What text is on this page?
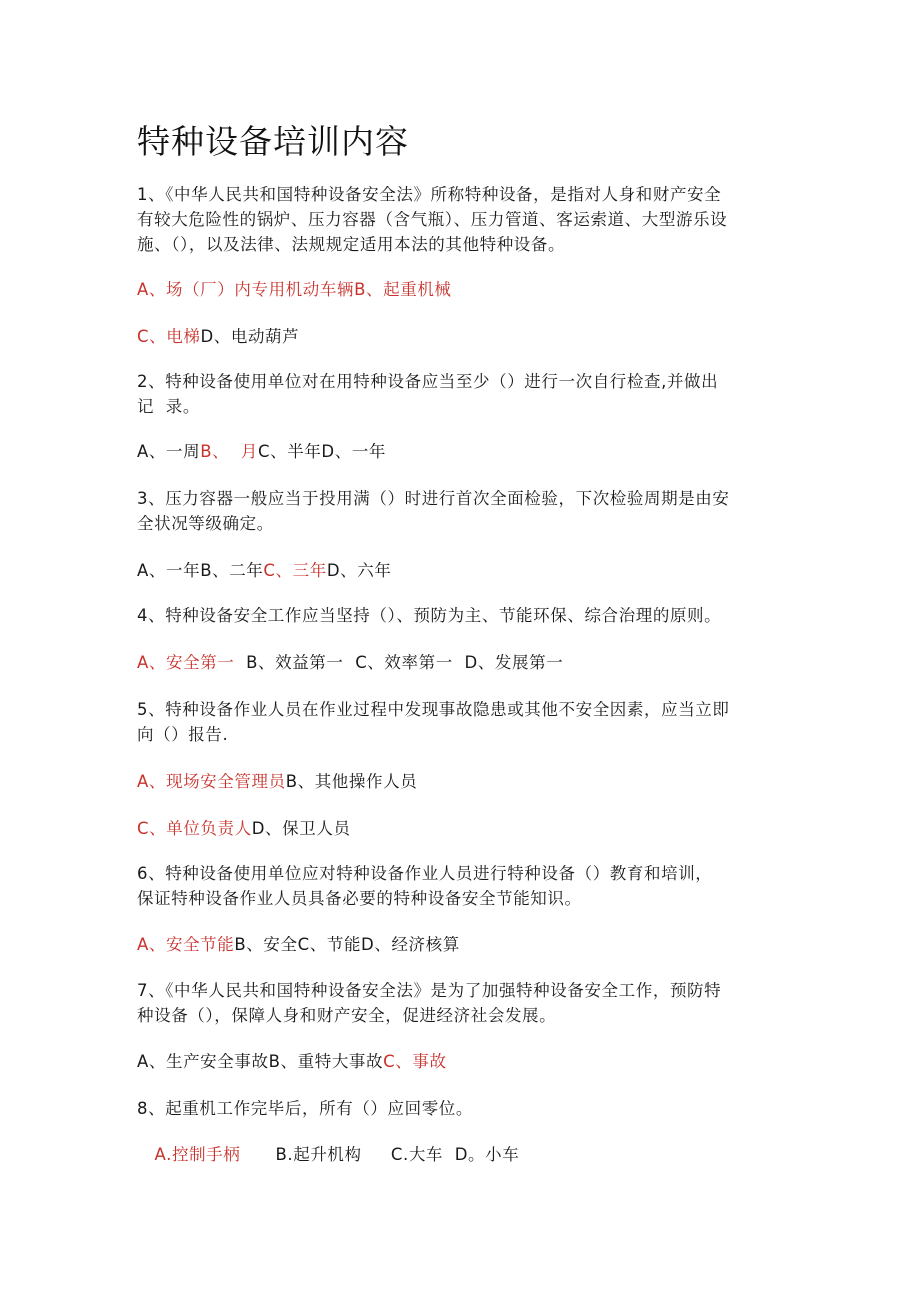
特种设备培训内容
1、《中华人民共和国特种设备安全法》所称特种设备，是指对人身和财产安全
有较大危险性的锅炉、压力容器（含气瓶）、压力管道、客运索道、大型游乐设
施、（），以及法律、法规规定适用本法的其他特种设备。
A、场（厂）内专用机动车辆B、起重机械
C、电梯D、电动葫芦
2、特种设备使用单位对在用特种设备应当至少（）进行一次自行检查,并做出
记  录。
A、一周B、  月C、半年D、一年
3、压力容器一般应当于投用满（）时进行首次全面检验，下次检验周期是由安
全状况等级确定。
A、一年B、二年C、三年D、六年
4、特种设备安全工作应当坚持（）、预防为主、节能环保、综合治理的原则。
A、安全第一  B、效益第一  C、效率第一  D、发展第一
5、特种设备作业人员在作业过程中发现事故隐患或其他不安全因素，应当立即
向（）报告.
A、现场安全管理员B、其他操作人员
C、单位负责人D、保卫人员
6、特种设备使用单位应对特种设备作业人员进行特种设备（）教育和培训，
保证特种设备作业人员具备必要的特种设备安全节能知识。
A、安全节能B、安全C、节能D、经济核算
7、《中华人民共和国特种设备安全法》是为了加强特种设备安全工作，预防特
种设备（），保障人身和财产安全，促进经济社会发展。
A、生产安全事故B、重特大事故C、事故
8、起重机工作完毕后，所有（）应回零位。
A.控制手柄      B.起升机构     C.大车  D。小车
